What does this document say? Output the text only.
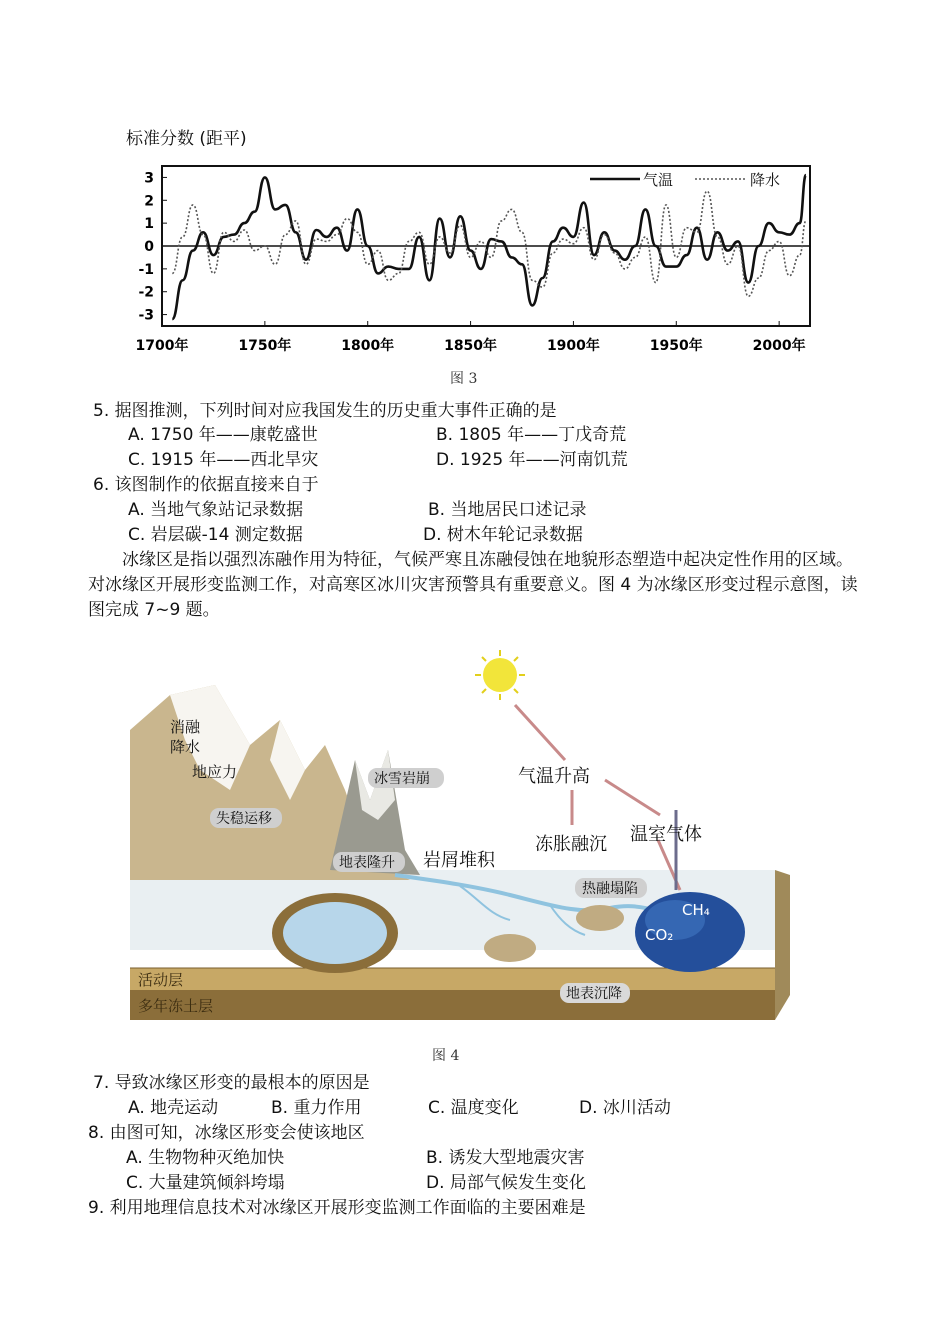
标准分数 (距平)
3
2
1
0
-1
-2
-3
1700年	1750年	1800年	1850年	1900年	1950年	2000年
气温	降水
图 3
5. 据图推测，下列时间对应我国发生的历史重大事件正确的是
A. 1750 年——康乾盛世	B. 1805 年——丁戊奇荒
C. 1915 年——西北旱灾	D. 1925 年——河南饥荒
6. 该图制作的依据直接来自于
A. 当地气象站记录数据	B. 当地居民口述记录
C. 岩层碳-14 测定数据	D. 树木年轮记录数据
冰缘区是指以强烈冻融作用为特征，气候严寒且冻融侵蚀在地貌形态塑造中起决定性作用的区域。对冰缘区开展形变监测工作，对高寒区冰川灾害预警具有重要意义。图 4 为冰缘区形变过程示意图，读图完成 7~9 题。
消融
降水
地应力
失稳运移
冰雪岩崩
地表隆升 岩屑堆积
气温升高
冻胀融沉 温室气体
热融塌陷
CH₄
CO₂
地表沉降
活动层
多年冻土层
图 4
7. 导致冰缘区形变的最根本的原因是
A. 地壳运动	B. 重力作用	C. 温度变化	D. 冰川活动
8. 由图可知，冰缘区形变会使该地区
A. 生物物种灭绝加快	B. 诱发大型地震灾害
C. 大量建筑倾斜垮塌	D. 局部气候发生变化
9. 利用地理信息技术对冰缘区开展形变监测工作面临的主要困难是
